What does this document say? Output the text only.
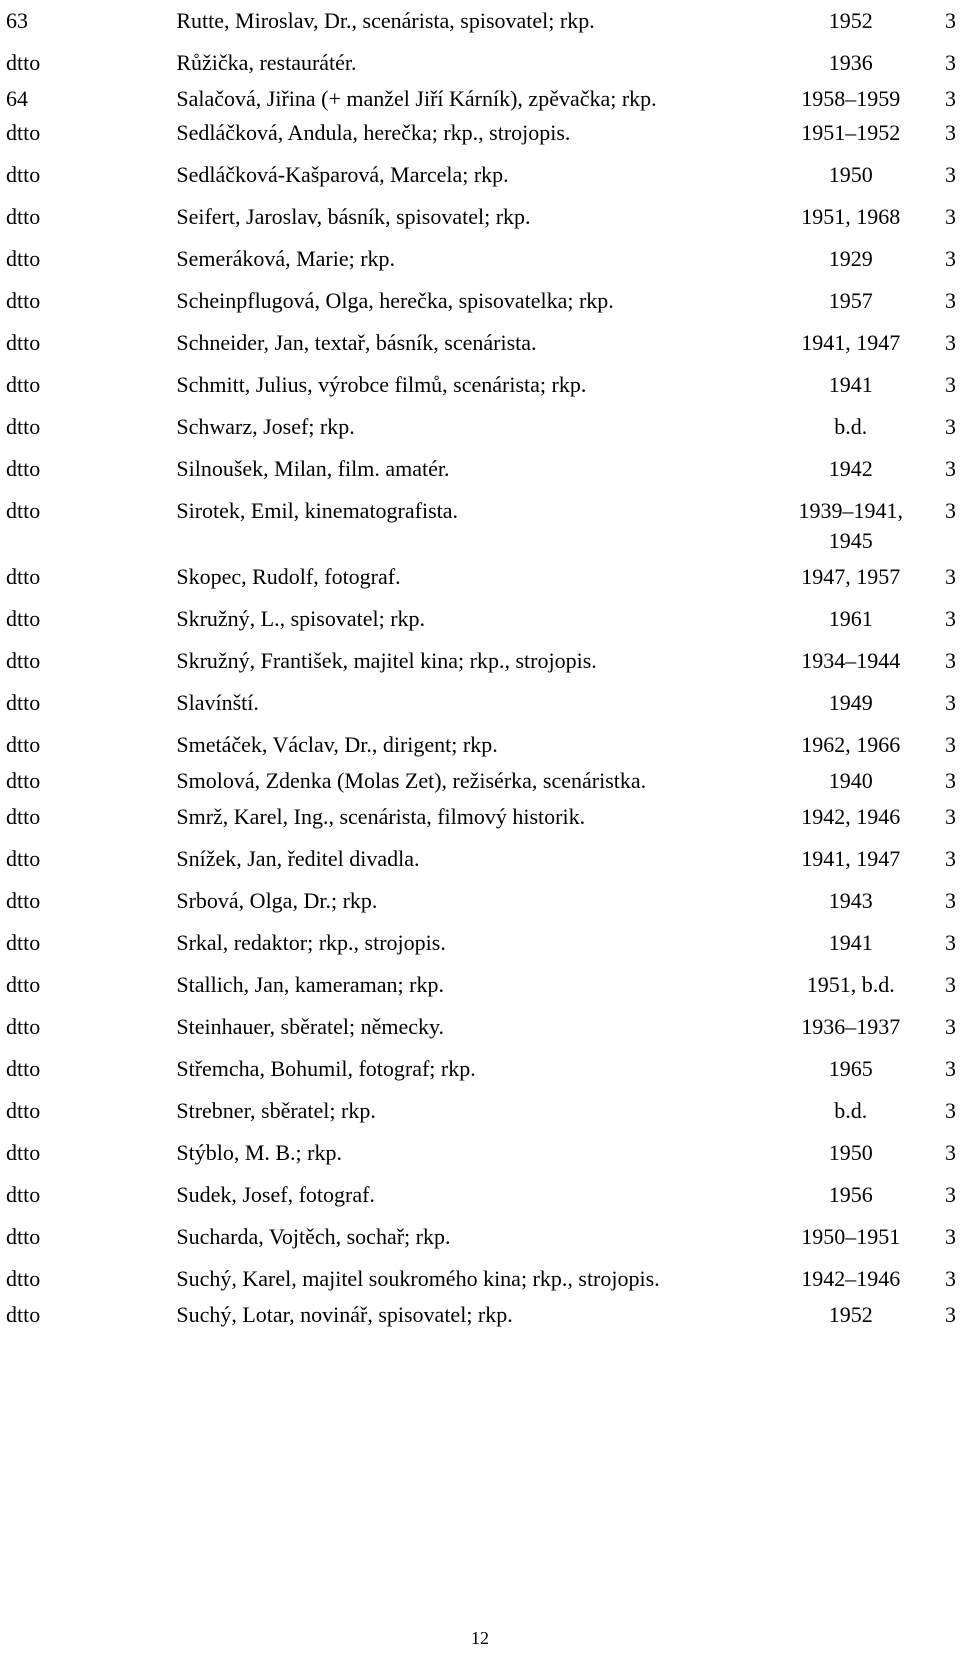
63	Rutte, Miroslav, Dr., scenárista, spisovatel; rkp.	1952	3
dtto	Růžička, restaurátér.	1936	3
64	Salačová, Jiřina (+ manžel Jiří Kárník), zpěvačka; rkp.	1958–1959	3
dtto	Sedláčková, Andula, herečka; rkp., strojopis.	1951–1952	3
dtto	Sedláčková-Kašparová, Marcela; rkp.	1950	3
dtto	Seifert, Jaroslav, básník, spisovatel; rkp.	1951, 1968	3
dtto	Semeráková, Marie; rkp.	1929	3
dtto	Scheinpflugová, Olga, herečka, spisovatelka; rkp.	1957	3
dtto	Schneider, Jan, textař, básník, scenárista.	1941, 1947	3
dtto	Schmitt, Julius, výrobce filmů, scenárista; rkp.	1941	3
dtto	Schwarz, Josef; rkp.	b.d.	3
dtto	Silnoušek, Milan, film. amatér.	1942	3
dtto	Sirotek, Emil, kinematografista.	1939–1941, 1945	3
dtto	Skopec, Rudolf, fotograf.	1947, 1957	3
dtto	Skružný, L., spisovatel; rkp.	1961	3
dtto	Skružný, František, majitel kina; rkp., strojopis.	1934–1944	3
dtto	Slavínští.	1949	3
dtto	Smetáček, Václav, Dr., dirigent; rkp.	1962, 1966	3
dtto	Smolová, Zdenka (Molas Zet), režisérka, scenáristka.	1940	3
dtto	Smrž, Karel, Ing., scenárista, filmový historik.	1942, 1946	3
dtto	Snížek, Jan, ředitel divadla.	1941, 1947	3
dtto	Srbová, Olga, Dr.; rkp.	1943	3
dtto	Srkal, redaktor; rkp., strojopis.	1941	3
dtto	Stallich, Jan, kameraman; rkp.	1951, b.d.	3
dtto	Steinhauer, sběratel; německy.	1936–1937	3
dtto	Střemcha, Bohumil, fotograf; rkp.	1965	3
dtto	Strebner, sběratel; rkp.	b.d.	3
dtto	Stýblo, M. B.; rkp.	1950	3
dtto	Sudek, Josef, fotograf.	1956	3
dtto	Sucharda, Vojtěch, sochař; rkp.	1950–1951	3
dtto	Suchý, Karel, majitel soukromého kina; rkp., strojopis.	1942–1946	3
dtto	Suchý, Lotar, novinář, spisovatel; rkp.	1952	3
12
